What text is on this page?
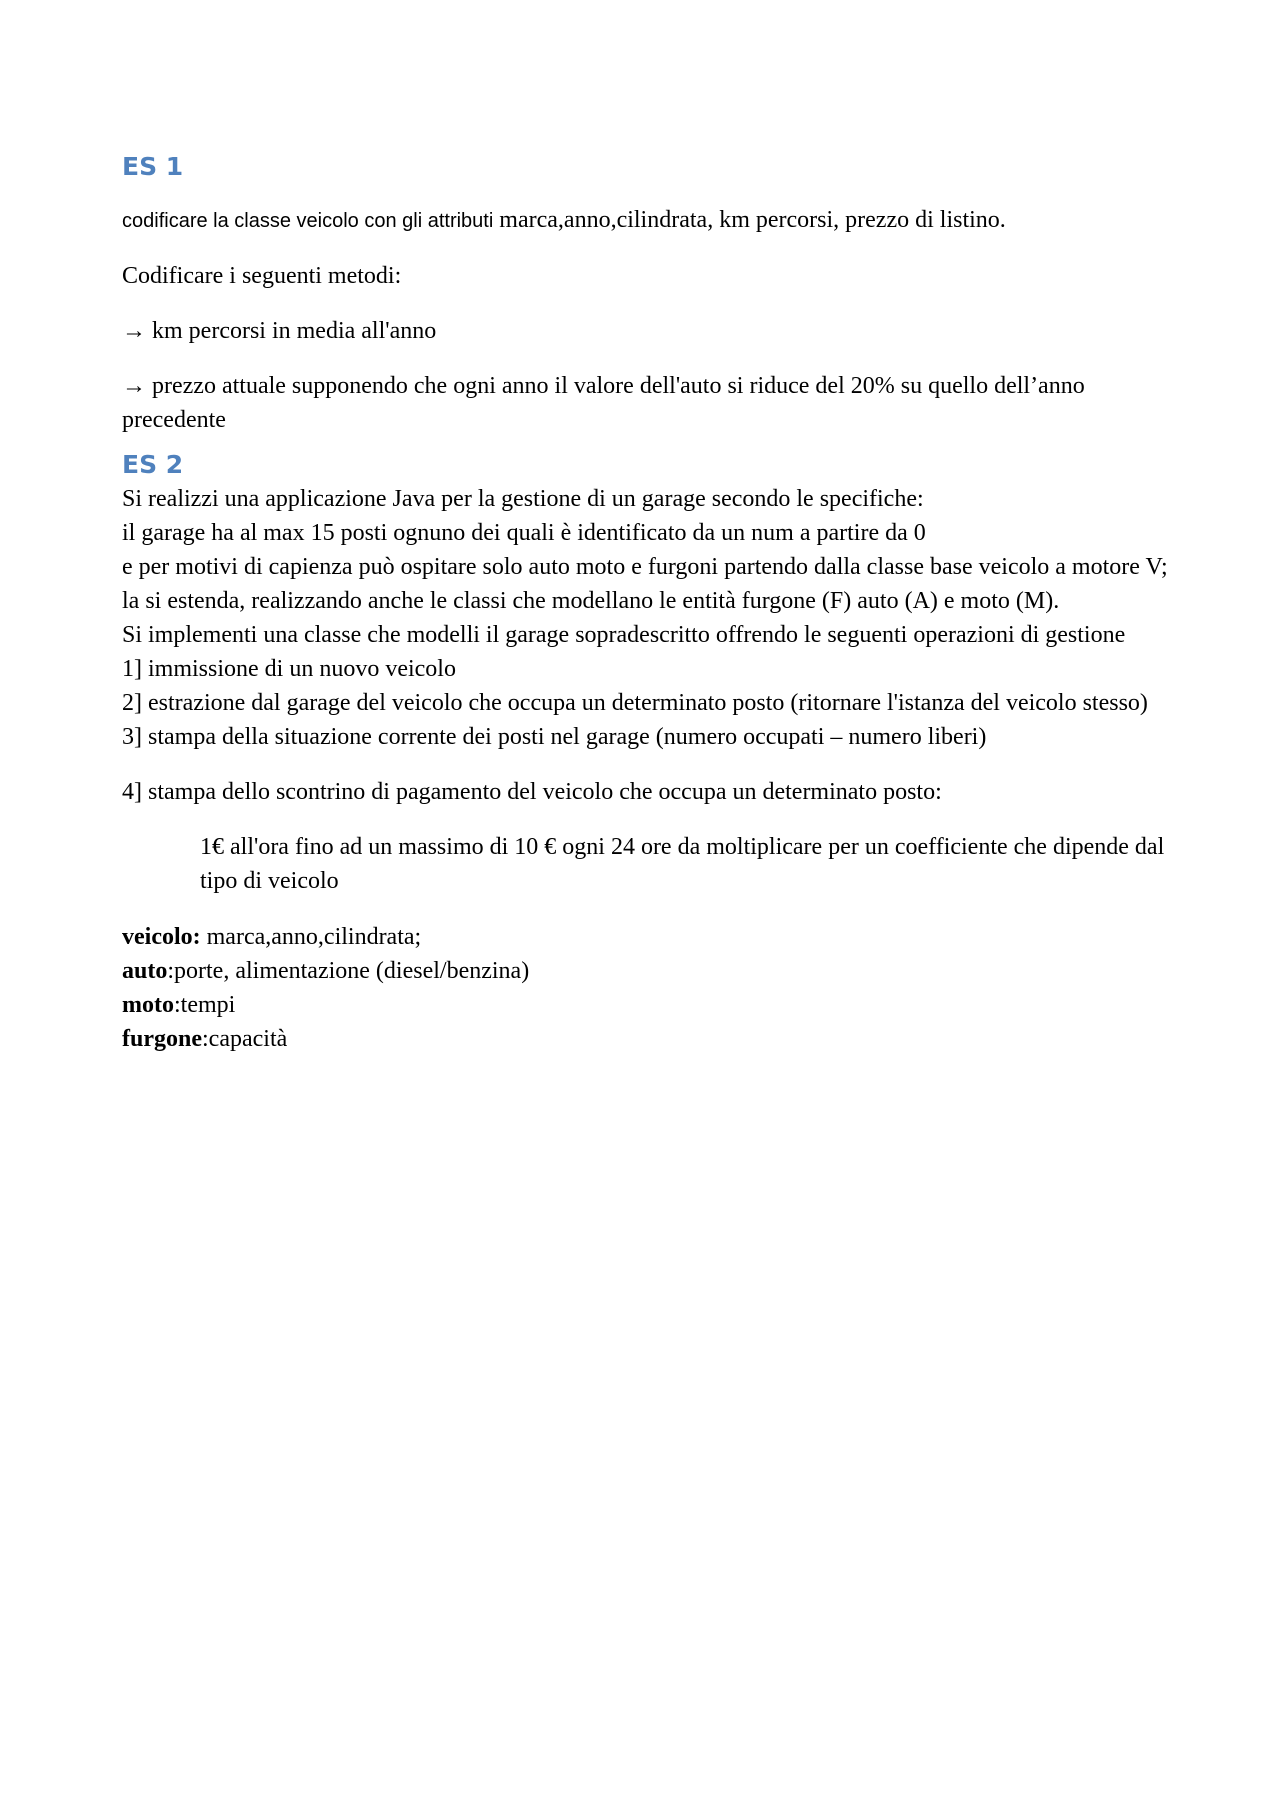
ES 1

codificare la classe veicolo con gli attributi marca,anno,cilindrata, km percorsi, prezzo di listino.

Codificare i seguenti metodi:

→ km percorsi in media all'anno

→ prezzo attuale supponendo che ogni anno il valore dell'auto si riduce del 20% su quello dell’anno precedente

ES 2

Si realizzi una applicazione Java per la gestione di un garage secondo le specifiche:
il garage ha al max 15 posti ognuno dei quali è identificato da un num a partire da 0
e per motivi di capienza può ospitare solo auto moto e furgoni partendo dalla classe base veicolo a motore V; la si estenda, realizzando anche le classi che modellano le entità furgone (F) auto (A) e moto (M).
Si implementi una classe che modelli il garage sopradescritto offrendo le seguenti operazioni di gestione
1] immissione di un nuovo veicolo
2] estrazione dal garage del veicolo che occupa un determinato posto (ritornare l'istanza del veicolo stesso)
3] stampa della situazione corrente dei posti nel garage (numero occupati – numero liberi)

4] stampa dello scontrino di pagamento del veicolo che occupa un determinato posto:

1€ all'ora fino ad un massimo di 10 € ogni 24 ore da moltiplicare per un coefficiente che dipende dal tipo di veicolo

veicolo: marca,anno,cilindrata;
auto:porte, alimentazione (diesel/benzina)
moto:tempi
furgone:capacità
